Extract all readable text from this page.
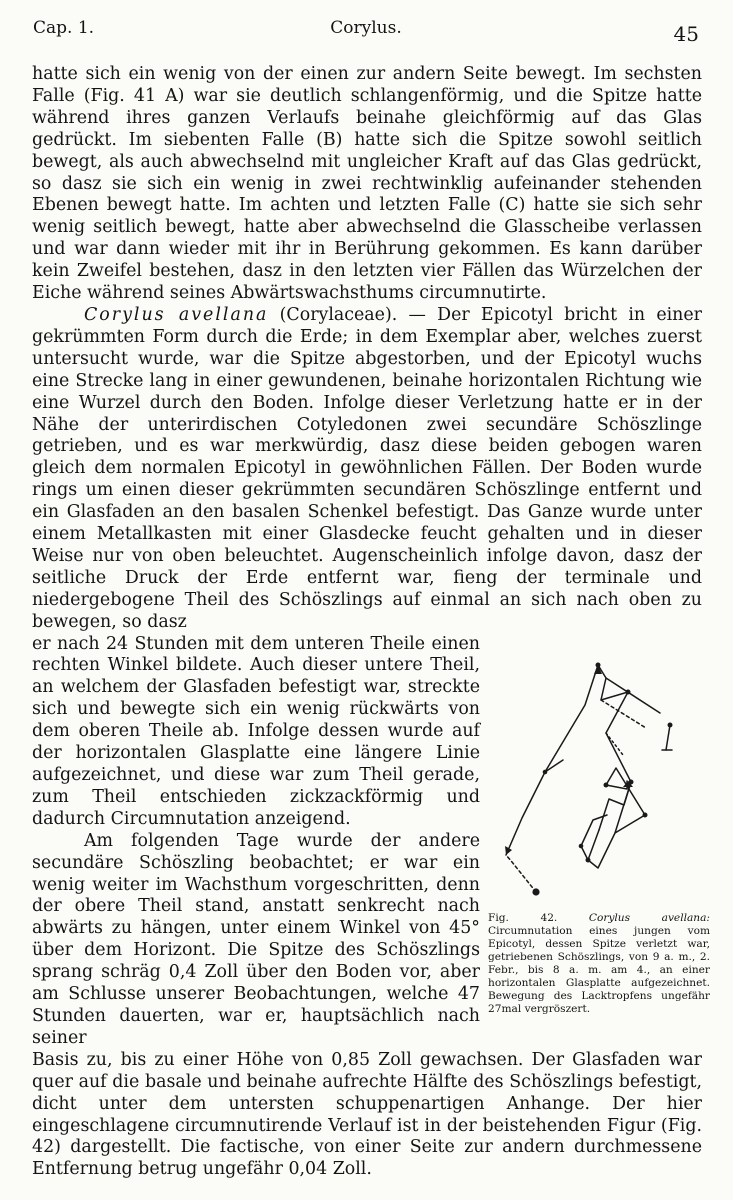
Cap. 1.	Corylus.	45

hatte sich ein wenig von der einen zur andern Seite bewegt. Im sechsten Falle (Fig. 41 A) war sie deutlich schlangenförmig, und die Spitze hatte während ihres ganzen Verlaufs beinahe gleichförmig auf das Glas gedrückt. Im siebenten Falle (B) hatte sich die Spitze sowohl seitlich bewegt, als auch abwechselnd mit ungleicher Kraft auf das Glas gedrückt, so dasz sie sich ein wenig in zwei rechtwinklig aufeinander stehenden Ebenen bewegt hatte. Im achten und letzten Falle (C) hatte sie sich sehr wenig seitlich bewegt, hatte aber abwechselnd die Glasscheibe verlassen und war dann wieder mit ihr in Berührung gekommen. Es kann darüber kein Zweifel bestehen, dasz in den letzten vier Fällen das Würzelchen der Eiche während seines Abwärtswachsthums circumnutirte.

Corylus avellana (Corylaceae). — Der Epicotyl bricht in einer gekrümmten Form durch die Erde; in dem Exemplar aber, welches zuerst untersucht wurde, war die Spitze abgestorben, und der Epicotyl wuchs eine Strecke lang in einer gewundenen, beinahe horizontalen Richtung wie eine Wurzel durch den Boden. Infolge dieser Verletzung hatte er in der Nähe der unterirdischen Cotyledonen zwei secundäre Schöszlinge getrieben, und es war merkwürdig, dasz diese beiden gebogen waren gleich dem normalen Epicotyl in gewöhnlichen Fällen. Der Boden wurde rings um einen dieser gekrümmten secundären Schöszlinge entfernt und ein Glasfaden an den basalen Schenkel befestigt. Das Ganze wurde unter einem Metallkasten mit einer Glasdecke feucht gehalten und in dieser Weise nur von oben beleuchtet. Augenscheinlich infolge davon, dasz der seitliche Druck der Erde entfernt war, fieng der terminale und niedergebogene Theil des Schöszlings auf einmal an sich nach oben zu bewegen, so dasz

er nach 24 Stunden mit dem unteren Theile einen rechten Winkel bildete. Auch dieser untere Theil, an welchem der Glasfaden befestigt war, streckte sich und bewegte sich ein wenig rückwärts von dem oberen Theile ab. Infolge dessen wurde auf der horizontalen Glasplatte eine längere Linie aufgezeichnet, und diese war zum Theil gerade, zum Theil entschieden zickzackförmig und dadurch Circumnutation anzeigend.

Am folgenden Tage wurde der andere secundäre Schöszling beobachtet; er war ein wenig weiter im Wachsthum vorgeschritten, denn der obere Theil stand, anstatt senkrecht nach abwärts zu hängen, unter einem Winkel von 45° über dem Horizont. Die Spitze des Schöszlings sprang schräg 0,4 Zoll über den Boden vor, aber am Schlusse unserer Beobachtungen, welche 47 Stunden dauerten, war er, hauptsächlich nach seiner

Basis zu, bis zu einer Höhe von 0,85 Zoll gewachsen. Der Glasfaden war quer auf die basale und beinahe aufrechte Hälfte des Schöszlings befestigt, dicht unter dem untersten schuppenartigen Anhange. Der hier eingeschlagene circumnutirende Verlauf ist in der beistehenden Figur (Fig. 42) dargestellt. Die factische, von einer Seite zur andern durchmessene Entfernung betrug ungefähr 0,04 Zoll.

Fig. 42.	Corylus avellana: Circumnutation eines jungen vom Epicotyl, dessen Spitze verletzt war, getriebenen Schöszlings, von 9 a. m., 2. Febr., bis 8 a. m. am 4., an einer horizontalen Glasplatte aufgezeichnet. Bewegung des Lacktropfens ungefähr 27mal vergröszert.
